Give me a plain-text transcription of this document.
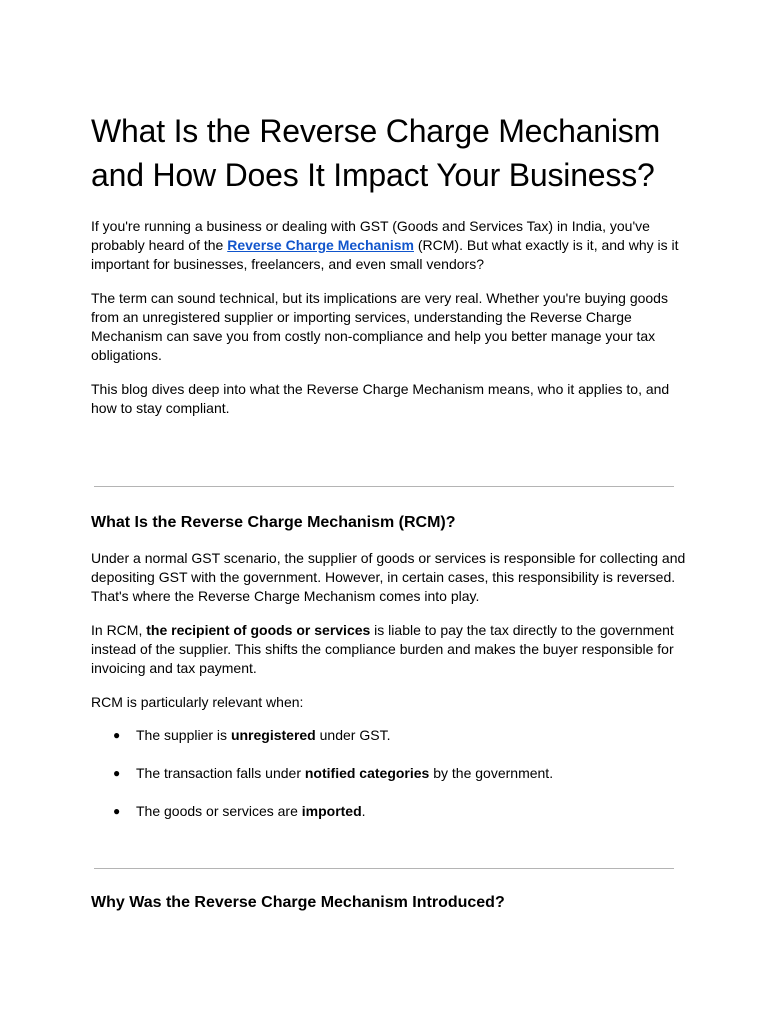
What Is the Reverse Charge Mechanism and How Does It Impact Your Business?

If you're running a business or dealing with GST (Goods and Services Tax) in India, you've probably heard of the Reverse Charge Mechanism (RCM). But what exactly is it, and why is it important for businesses, freelancers, and even small vendors?

The term can sound technical, but its implications are very real. Whether you're buying goods from an unregistered supplier or importing services, understanding the Reverse Charge Mechanism can save you from costly non-compliance and help you better manage your tax obligations.

This blog dives deep into what the Reverse Charge Mechanism means, who it applies to, and how to stay compliant.

What Is the Reverse Charge Mechanism (RCM)?

Under a normal GST scenario, the supplier of goods or services is responsible for collecting and depositing GST with the government. However, in certain cases, this responsibility is reversed. That's where the Reverse Charge Mechanism comes into play.

In RCM, the recipient of goods or services is liable to pay the tax directly to the government instead of the supplier. This shifts the compliance burden and makes the buyer responsible for invoicing and tax payment.

RCM is particularly relevant when:

● The supplier is unregistered under GST.
● The transaction falls under notified categories by the government.
● The goods or services are imported.
Why Was the Reverse Charge Mechanism Introduced?
